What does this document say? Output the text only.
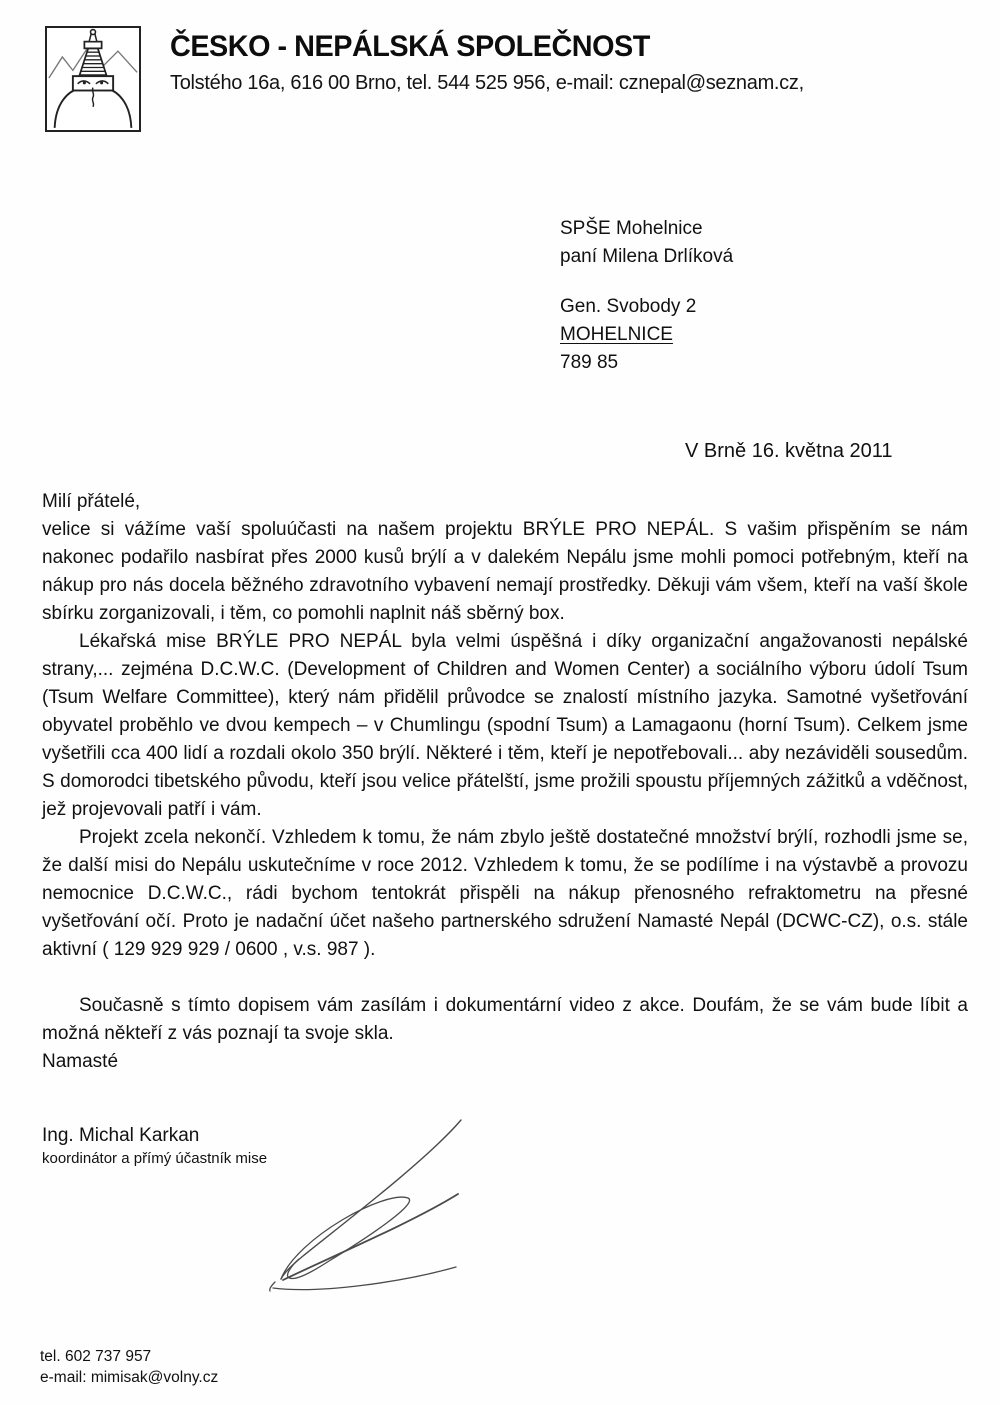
ČESKO - NEPÁLSKÁ SPOLEČNOST
Tolstého 16a, 616 00 Brno, tel. 544 525 956, e-mail: cznepal@seznam.cz,
SPŠE Mohelnice
paní Milena Drlíková
Gen. Svobody 2
MOHELNICE
789 85
V Brně 16. května 2011

Milí přátelé,

velice si vážíme vaší spoluúčasti na našem projektu BRÝLE PRO NEPÁL. S vašim přispěním se nám nakonec podařilo nasbírat přes 2000 kusů brýlí a v dalekém Nepálu jsme mohli pomoci potřebným, kteří na nákup pro nás docela běžného zdravotního vybavení nemají prostředky. Děkuji vám všem, kteří na vaší škole sbírku zorganizovali, i těm, co pomohli naplnit náš sběrný box.

Lékařská mise BRÝLE PRO NEPÁL byla velmi úspěšná i díky organizační angažovanosti nepálské strany,... zejména D.C.W.C. (Development of Children and Women Center) a sociálního výboru údolí Tsum (Tsum Welfare Committee), který nám přidělil průvodce se znalostí místního jazyka. Samotné vyšetřování obyvatel proběhlo ve dvou kempech – v Chumlingu (spodní Tsum) a Lamagaonu (horní Tsum). Celkem jsme vyšetřili cca 400 lidí a rozdali okolo 350 brýlí. Některé i těm, kteří je nepotřebovali... aby nezáviděli sousedům. S domorodci tibetského původu, kteří jsou velice přátelští, jsme prožili spoustu příjemných zážitků a vděčnost, jež projevovali patří i vám.

Projekt zcela nekončí. Vzhledem k tomu, že nám zbylo ještě dostatečné množství brýlí, rozhodli jsme se, že další misi do Nepálu uskutečníme v roce 2012. Vzhledem k tomu, že se podílíme i na výstavbě a provozu nemocnice D.C.W.C., rádi bychom tentokrát přispěli na nákup přenosného refraktometru na přesné vyšetřování očí. Proto je nadační účet našeho partnerského sdružení Namasté Nepál (DCWC-CZ), o.s. stále aktivní ( 129 929 929 / 0600 , v.s. 987 ).

Současně s tímto dopisem vám zasílám i dokumentární video z akce. Doufám, že se vám bude líbit a možná někteří z vás poznají ta svoje skla.

Namasté

Ing. Michal Karkan
koordinátor a přímý účastník mise
tel. 602 737 957
e-mail: mimisak@volny.cz
